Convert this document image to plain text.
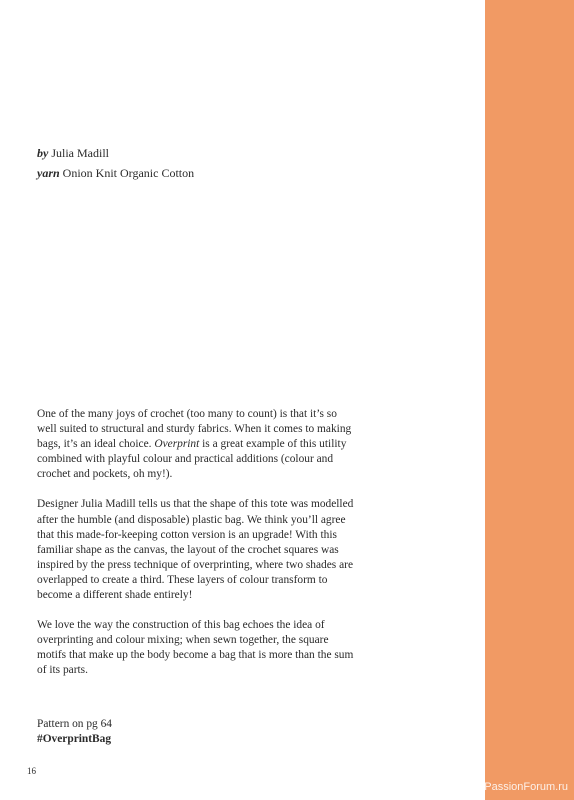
by Julia Madill
yarn Onion Knit Organic Cotton

One of the many joys of crochet (too many to count) is that it’s so well suited to structural and sturdy fabrics. When it comes to making bags, it’s an ideal choice. Overprint is a great example of this utility combined with playful colour and practical additions (colour and crochet and pockets, oh my!).

Designer Julia Madill tells us that the shape of this tote was modelled after the humble (and disposable) plastic bag. We think you’ll agree that this made-for-keeping cotton version is an upgrade! With this familiar shape as the canvas, the layout of the crochet squares was inspired by the press technique of overprinting, where two shades are overlapped to create a third. These layers of colour transform to become a different shade entirely!

We love the way the construction of this bag echoes the idea of overprinting and colour mixing; when sewn together, the square motifs that make up the body become a bag that is more than the sum of its parts.

Pattern on pg 64
#OverprintBag
16
PassionForum.ru
